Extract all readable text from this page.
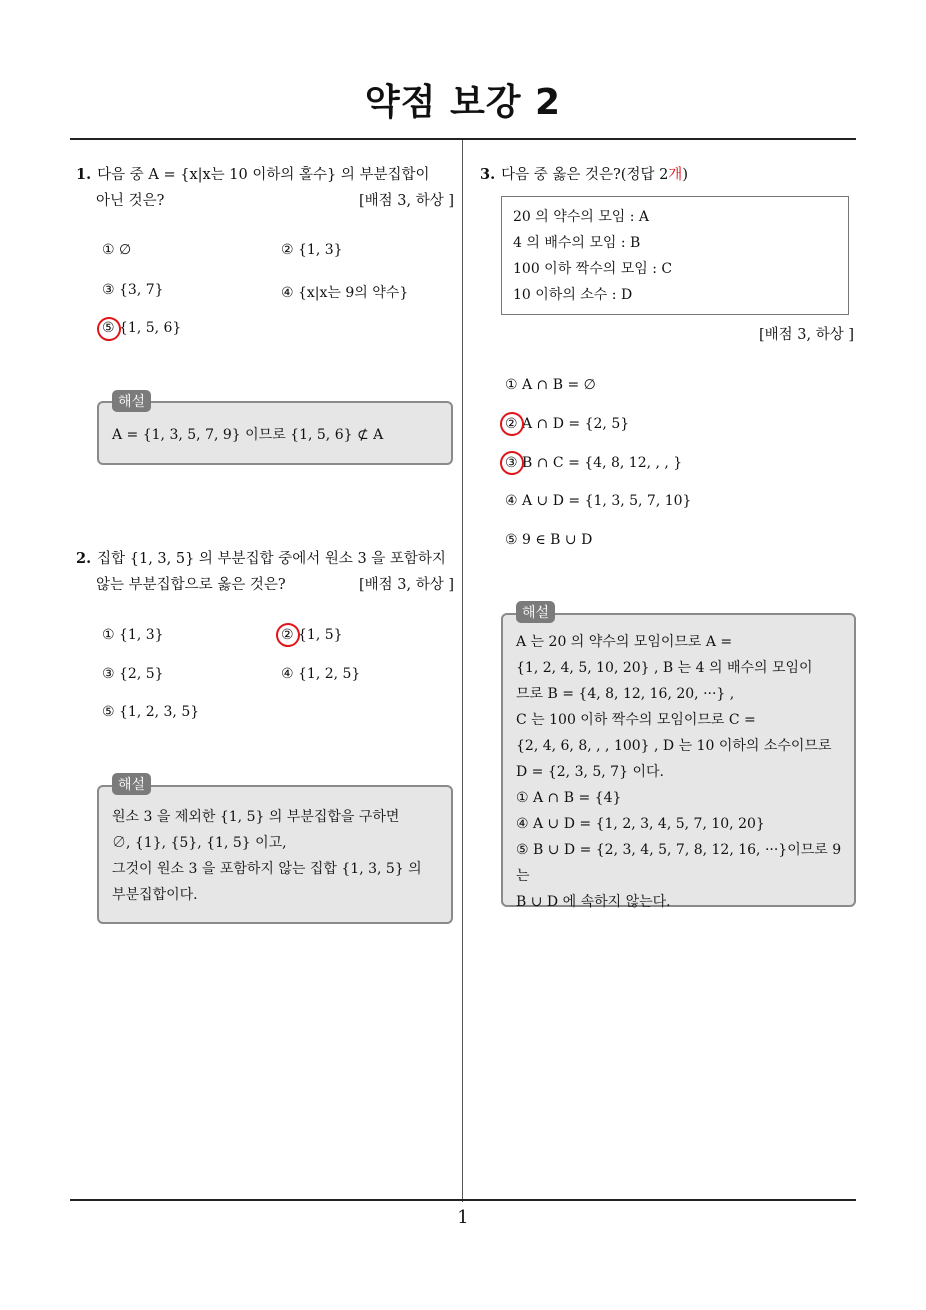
약점 보강 2
1. 다음 중 A = {x|x는 10 이하의 홀수} 의 부분집합이
아닌 것은?	[배점 3, 하상 ]
① ∅	② {1, 3}
③ {3, 7}	④ {x|x는 9의 약수}
⑤ {1, 5, 6}
A = {1, 3, 5, 7, 9} 이므로 {1, 5, 6} ⊄ A
해설
2. 집합 {1, 3, 5} 의 부분집합 중에서 원소 3 을 포함하지
않는 부분집합으로 옳은 것은?	[배점 3, 하상 ]
① {1, 3}	② {1, 5}
③ {2, 5}	④ {1, 2, 5}
⑤ {1, 2, 3, 5}
원소 3 을 제외한 {1, 5} 의 부분집합을 구하면
∅, {1}, {5}, {1, 5} 이고,
그것이 원소 3 을 포함하지 않는 집합 {1, 3, 5} 의
부분집합이다.
해설
3. 다음 중 옳은 것은?(정답 2개)
20 의 약수의 모임 : A
4 의 배수의 모임 : B
100 이하 짝수의 모임 : C
10 이하의 소수 : D
[배점 3, 하상 ]
① A ∩ B = ∅
② A ∩ D = {2, 5}
③ B ∩ C = {4, 8, 12, , , }
④ A ∪ D = {1, 3, 5, 7, 10}
⑤ 9 ∈ B ∪ D
A 는 20 의 약수의 모임이므로 A =
{1, 2, 4, 5, 10, 20} , B 는 4 의 배수의 모임이
므로 B = {4, 8, 12, 16, 20, ···} ,
C 는 100 이하 짝수의 모임이므로 C =
{2, 4, 6, 8, , , 100} , D 는 10 이하의 소수이므로
D = {2, 3, 5, 7} 이다.
① A ∩ B = {4}
④ A ∪ D = {1, 2, 3, 4, 5, 7, 10, 20}
⑤ B ∪ D = {2, 3, 4, 5, 7, 8, 12, 16, ···}이므로 9 는
B ∪ D 에 속하지 않는다.
해설
1
